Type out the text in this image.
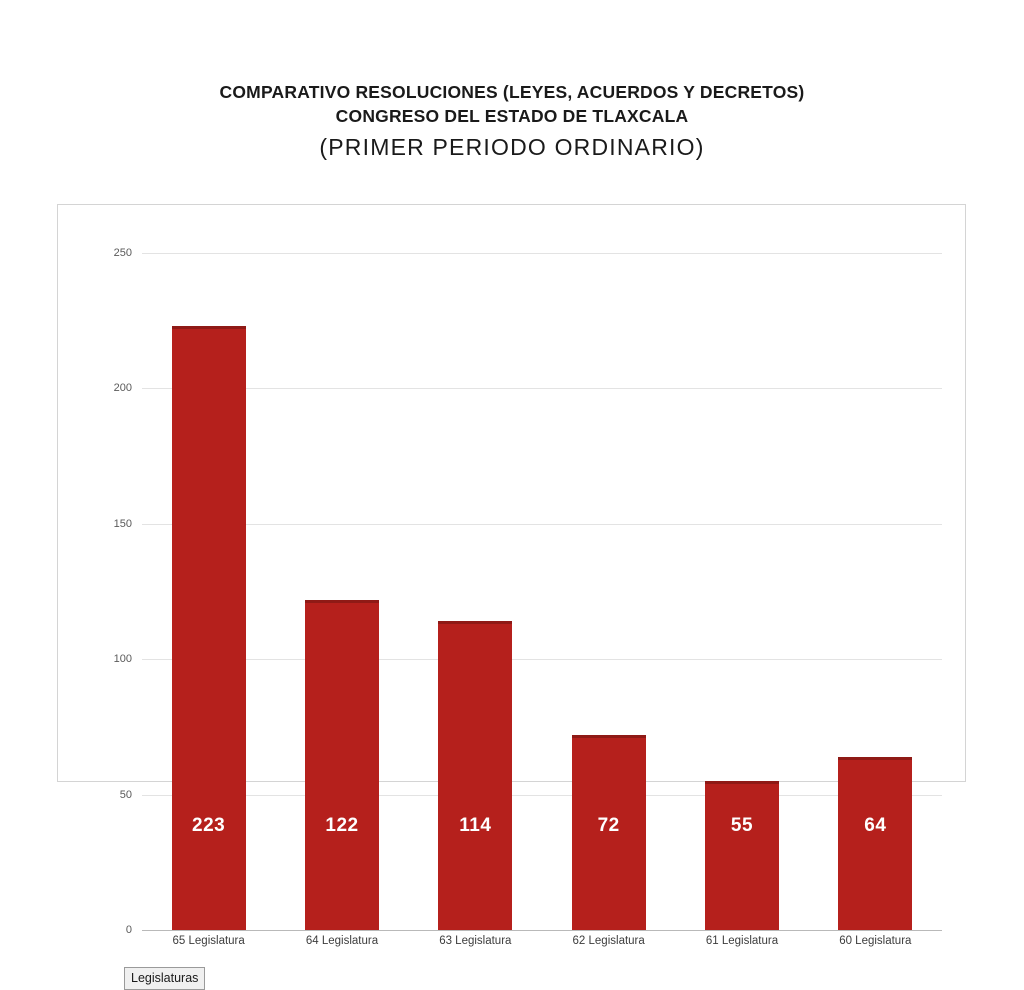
COMPARATIVO RESOLUCIONES (LEYES, ACUERDOS Y DECRETOS)
CONGRESO DEL ESTADO DE TLAXCALA
(PRIMER PERIODO ORDINARIO)
0
50
100
150
200
250
223
65 Legislatura
122
64 Legislatura
114
63 Legislatura
72
62 Legislatura
55
61 Legislatura
64
60 Legislatura
Legislaturas
